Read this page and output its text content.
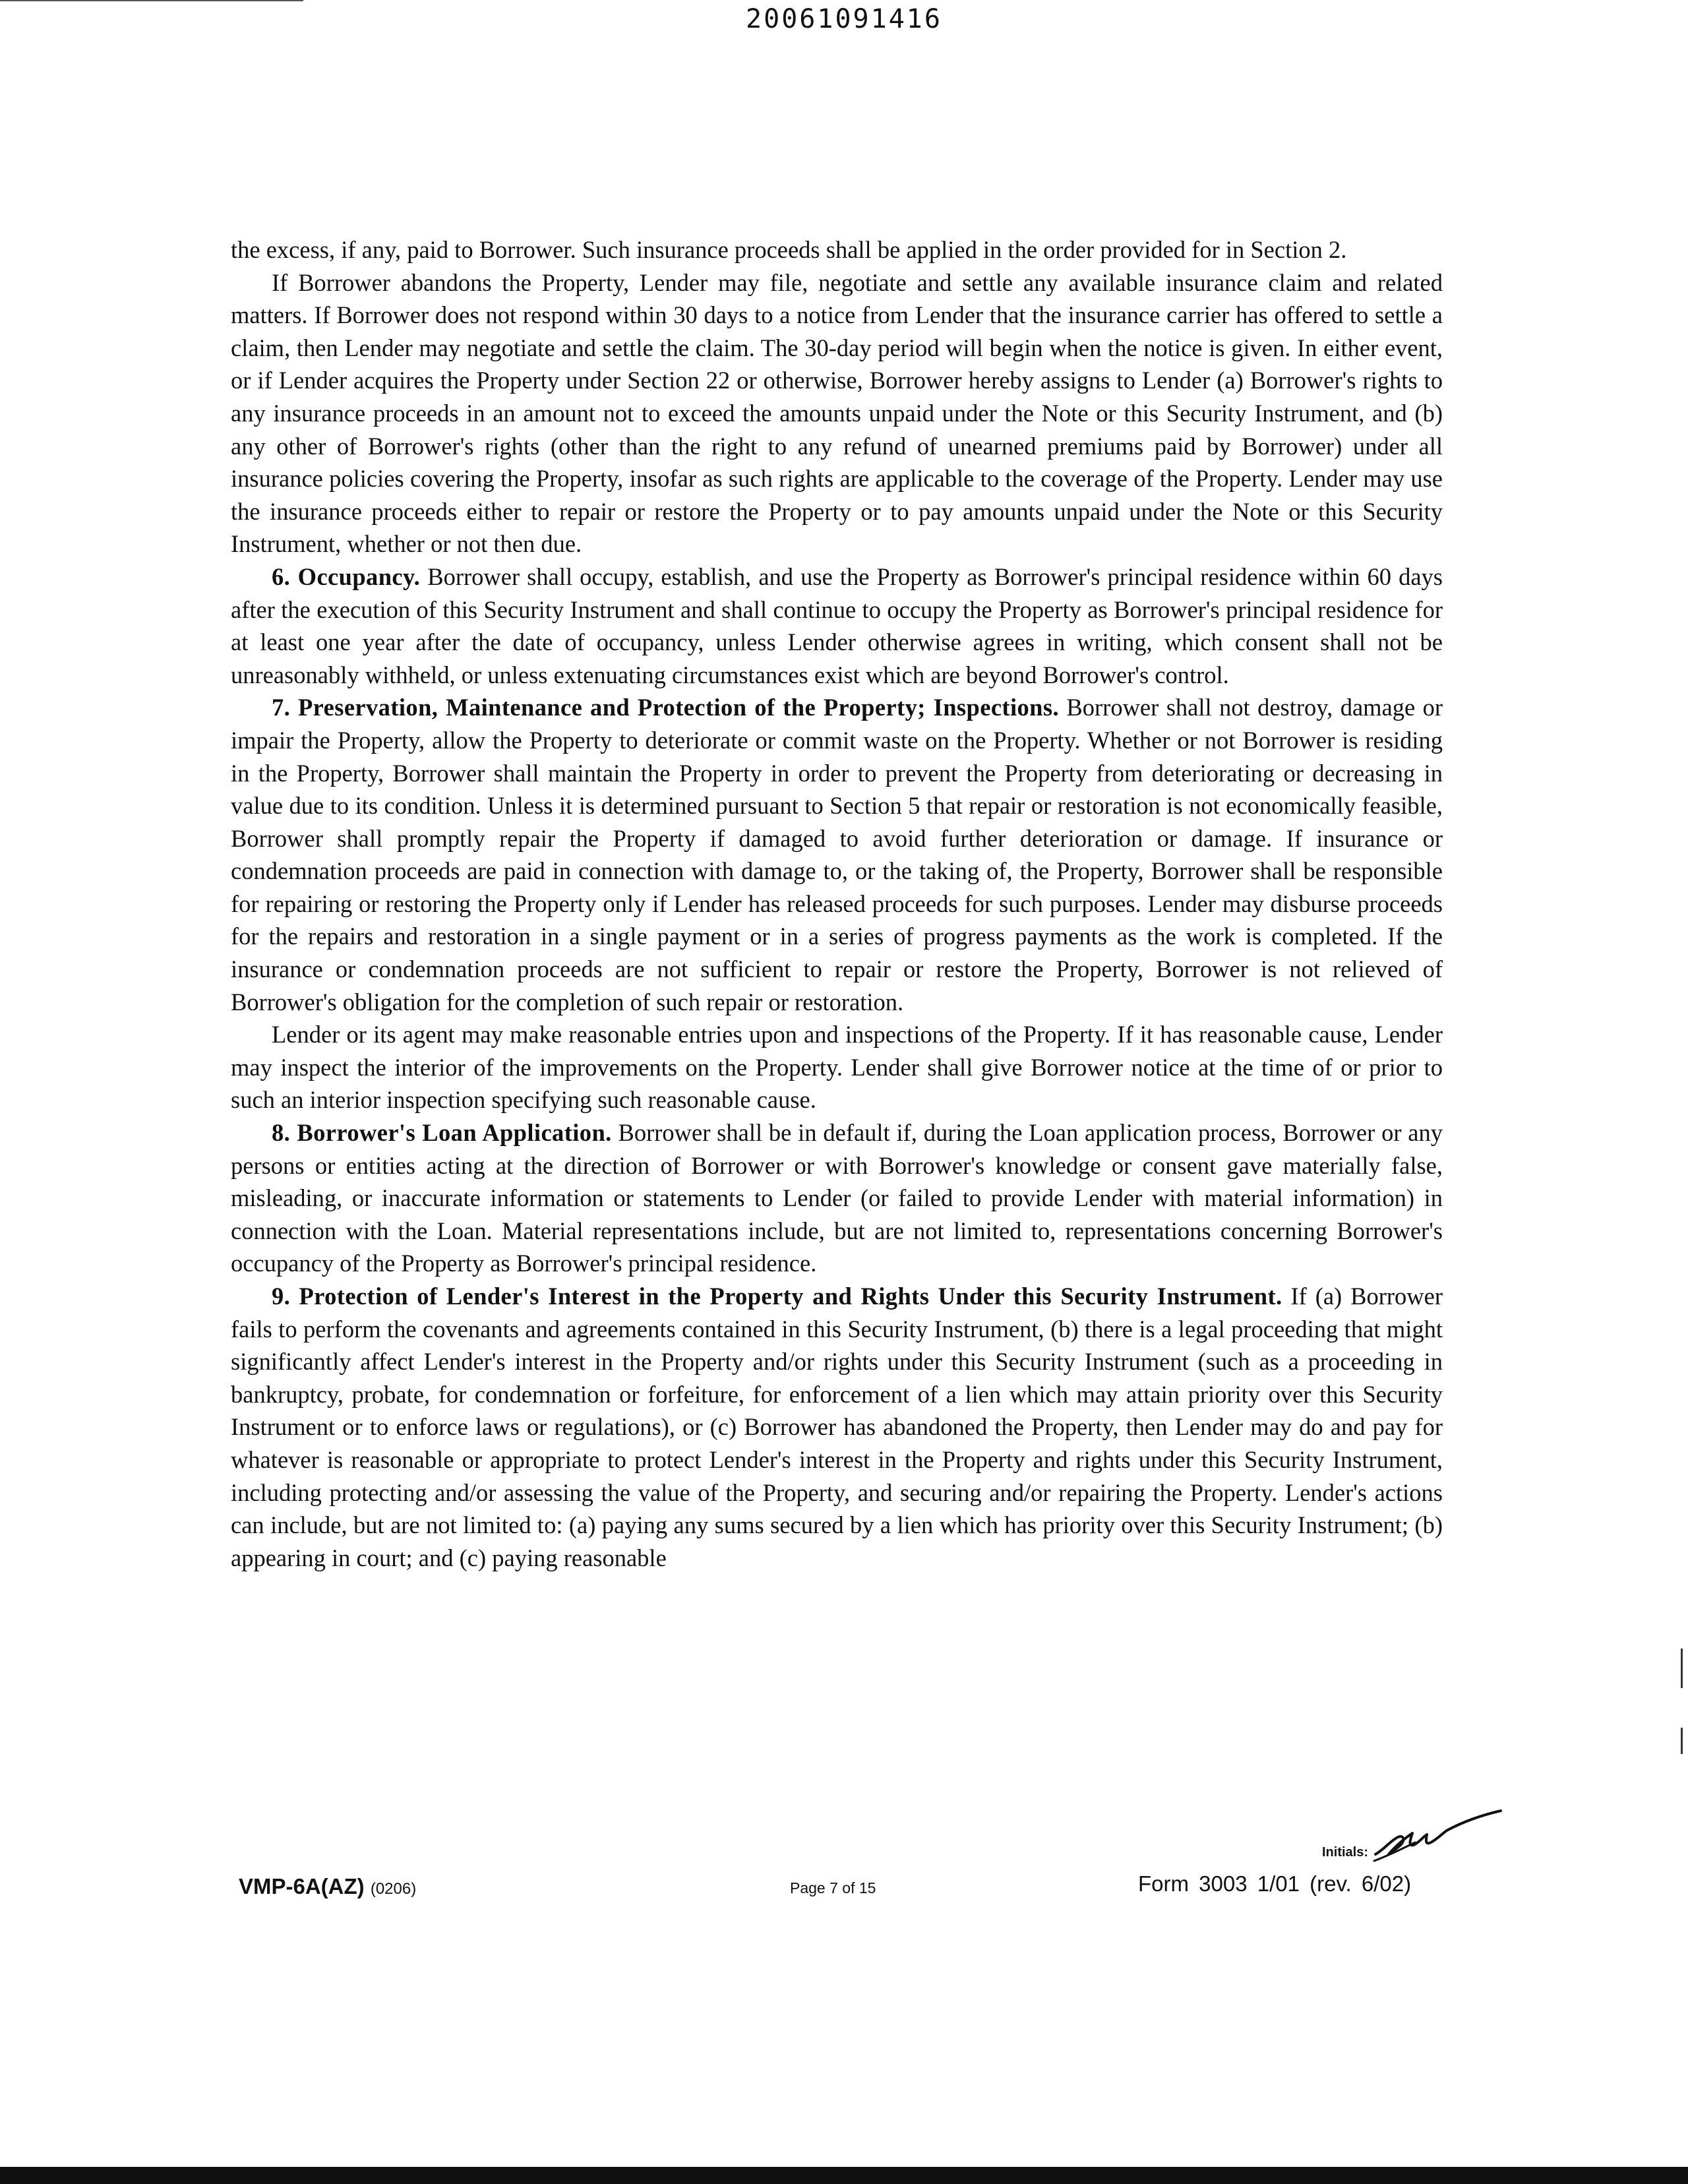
20061091416

the excess, if any, paid to Borrower. Such insurance proceeds shall be applied in the order provided for in Section 2.

If Borrower abandons the Property, Lender may file, negotiate and settle any available insurance claim and related matters. If Borrower does not respond within 30 days to a notice from Lender that the insurance carrier has offered to settle a claim, then Lender may negotiate and settle the claim. The 30-day period will begin when the notice is given. In either event, or if Lender acquires the Property under Section 22 or otherwise, Borrower hereby assigns to Lender (a) Borrower's rights to any insurance proceeds in an amount not to exceed the amounts unpaid under the Note or this Security Instrument, and (b) any other of Borrower's rights (other than the right to any refund of unearned premiums paid by Borrower) under all insurance policies covering the Property, insofar as such rights are applicable to the coverage of the Property. Lender may use the insurance proceeds either to repair or restore the Property or to pay amounts unpaid under the Note or this Security Instrument, whether or not then due.

6. Occupancy. Borrower shall occupy, establish, and use the Property as Borrower's principal residence within 60 days after the execution of this Security Instrument and shall continue to occupy the Property as Borrower's principal residence for at least one year after the date of occupancy, unless Lender otherwise agrees in writing, which consent shall not be unreasonably withheld, or unless extenuating circumstances exist which are beyond Borrower's control.

7. Preservation, Maintenance and Protection of the Property; Inspections. Borrower shall not destroy, damage or impair the Property, allow the Property to deteriorate or commit waste on the Property. Whether or not Borrower is residing in the Property, Borrower shall maintain the Property in order to prevent the Property from deteriorating or decreasing in value due to its condition. Unless it is determined pursuant to Section 5 that repair or restoration is not economically feasible, Borrower shall promptly repair the Property if damaged to avoid further deterioration or damage. If insurance or condemnation proceeds are paid in connection with damage to, or the taking of, the Property, Borrower shall be responsible for repairing or restoring the Property only if Lender has released proceeds for such purposes. Lender may disburse proceeds for the repairs and restoration in a single payment or in a series of progress payments as the work is completed. If the insurance or condemnation proceeds are not sufficient to repair or restore the Property, Borrower is not relieved of Borrower's obligation for the completion of such repair or restoration.

Lender or its agent may make reasonable entries upon and inspections of the Property. If it has reasonable cause, Lender may inspect the interior of the improvements on the Property. Lender shall give Borrower notice at the time of or prior to such an interior inspection specifying such reasonable cause.

8. Borrower's Loan Application. Borrower shall be in default if, during the Loan application process, Borrower or any persons or entities acting at the direction of Borrower or with Borrower's knowledge or consent gave materially false, misleading, or inaccurate information or statements to Lender (or failed to provide Lender with material information) in connection with the Loan. Material representations include, but are not limited to, representations concerning Borrower's occupancy of the Property as Borrower's principal residence.

9. Protection of Lender's Interest in the Property and Rights Under this Security Instrument. If (a) Borrower fails to perform the covenants and agreements contained in this Security Instrument, (b) there is a legal proceeding that might significantly affect Lender's interest in the Property and/or rights under this Security Instrument (such as a proceeding in bankruptcy, probate, for condemnation or forfeiture, for enforcement of a lien which may attain priority over this Security Instrument or to enforce laws or regulations), or (c) Borrower has abandoned the Property, then Lender may do and pay for whatever is reasonable or appropriate to protect Lender's interest in the Property and rights under this Security Instrument, including protecting and/or assessing the value of the Property, and securing and/or repairing the Property. Lender's actions can include, but are not limited to: (a) paying any sums secured by a lien which has priority over this Security Instrument; (b) appearing in court; and (c) paying reasonable

Initials:
VMP-6A(AZ) (0206)	Page 7 of 15	Form 3003 1/01 (rev. 6/02)
